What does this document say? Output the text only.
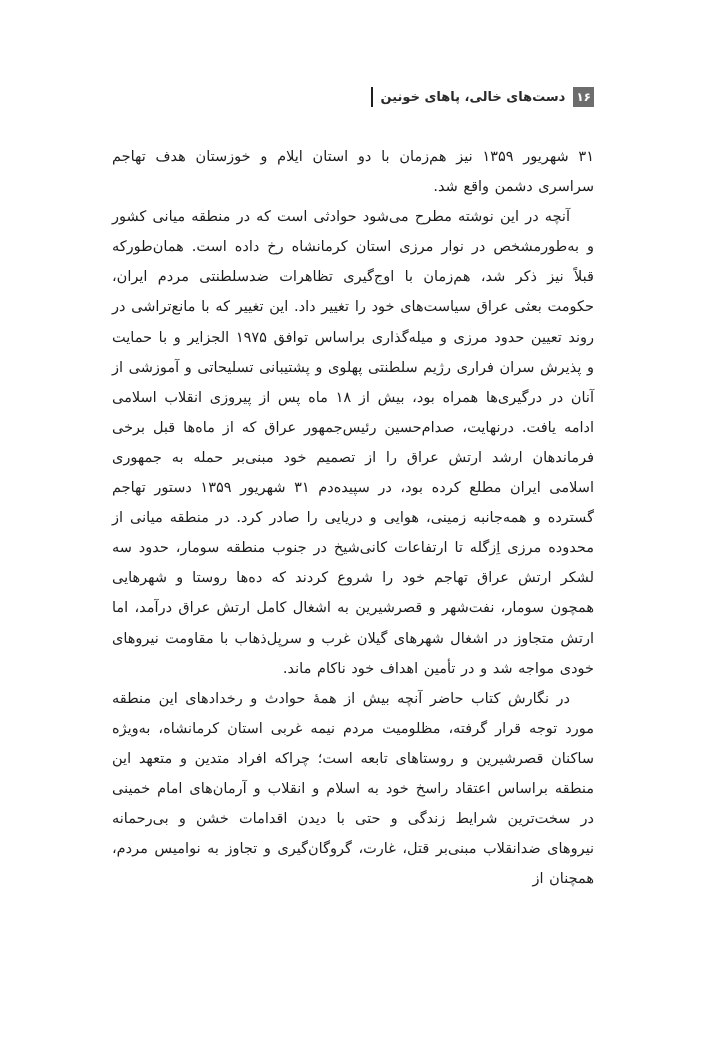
۱۶
دست‌های خالی، پاهای خونین

۳۱ شهریور ۱۳۵۹ نیز هم‌زمان با دو استان ایلام و خوزستان هدف تهاجم سراسری دشمن واقع شد.

آنچه در این نوشته مطرح می‌شود حوادثی است که در منطقه میانی کشور و به‌طورمشخص در نوار مرزی استان کرمانشاه رخ داده است. همان‌طورکه قبلاً نیز ذکر شد، هم‌زمان با اوج‌گیری تظاهرات ضدسلطنتی مردم ایران، حکومت بعثی عراق سیاست‌های خود را تغییر داد. این تغییر که با مانع‌تراشی در روند تعیین حدود مرزی و میله‌گذاری براساس توافق ۱۹۷۵ الجزایر و با حمایت و پذیرش سران فراری رژیم سلطنتی پهلوی و پشتیبانی تسلیحاتی و آموزشی از آنان در درگیری‌ها همراه بود، بیش از ۱۸ ماه پس از پیروزی انقلاب اسلامی ادامه یافت. درنهایت، صدام‌حسین رئیس‌جمهور عراق که از ماه‌ها قبل برخی فرماندهان ارشد ارتش عراق را از تصمیم خود مبنی‌بر حمله به جمهوری اسلامی ایران مطلع کرده بود، در سپیده‌دم ۳۱ شهریور ۱۳۵۹ دستور تهاجم گسترده و همه‌جانبه زمینی، هوایی و دریایی را صادر کرد. در منطقه میانی از محدوده مرزی اِزگله تا ارتفاعات کانی‌شیخ در جنوب منطقه سومار، حدود سه لشکر ارتش عراق تهاجم خود را شروع کردند که ده‌ها روستا و شهرهایی همچون سومار، نفت‌شهر و قصرشیرین به اشغال کامل ارتش عراق درآمد، اما ارتش متجاوز در اشغال شهرهای گیلان غرب و سرپل‌ذهاب با مقاومت نیروهای خودی مواجه شد و در تأمین اهداف خود ناکام ماند.

در نگارش کتاب حاضر آنچه بیش از همهٔ حوادث و رخدادهای این منطقه مورد توجه قرار گرفته، مظلومیت مردم نیمه غربی استان کرمانشاه، به‌ویژه ساکنان قصرشیرین و روستاهای تابعه است؛ چراکه افراد متدین و متعهد این منطقه براساس اعتقاد راسخ خود به اسلام و انقلاب و آرمان‌های امام خمینی در سخت‌ترین شرایط زندگی و حتی با دیدن اقدامات خشن و بی‌رحمانه نیروهای ضدانقلاب مبنی‌بر قتل، غارت، گروگان‌گیری و تجاوز به نوامیس مردم، همچنان از
